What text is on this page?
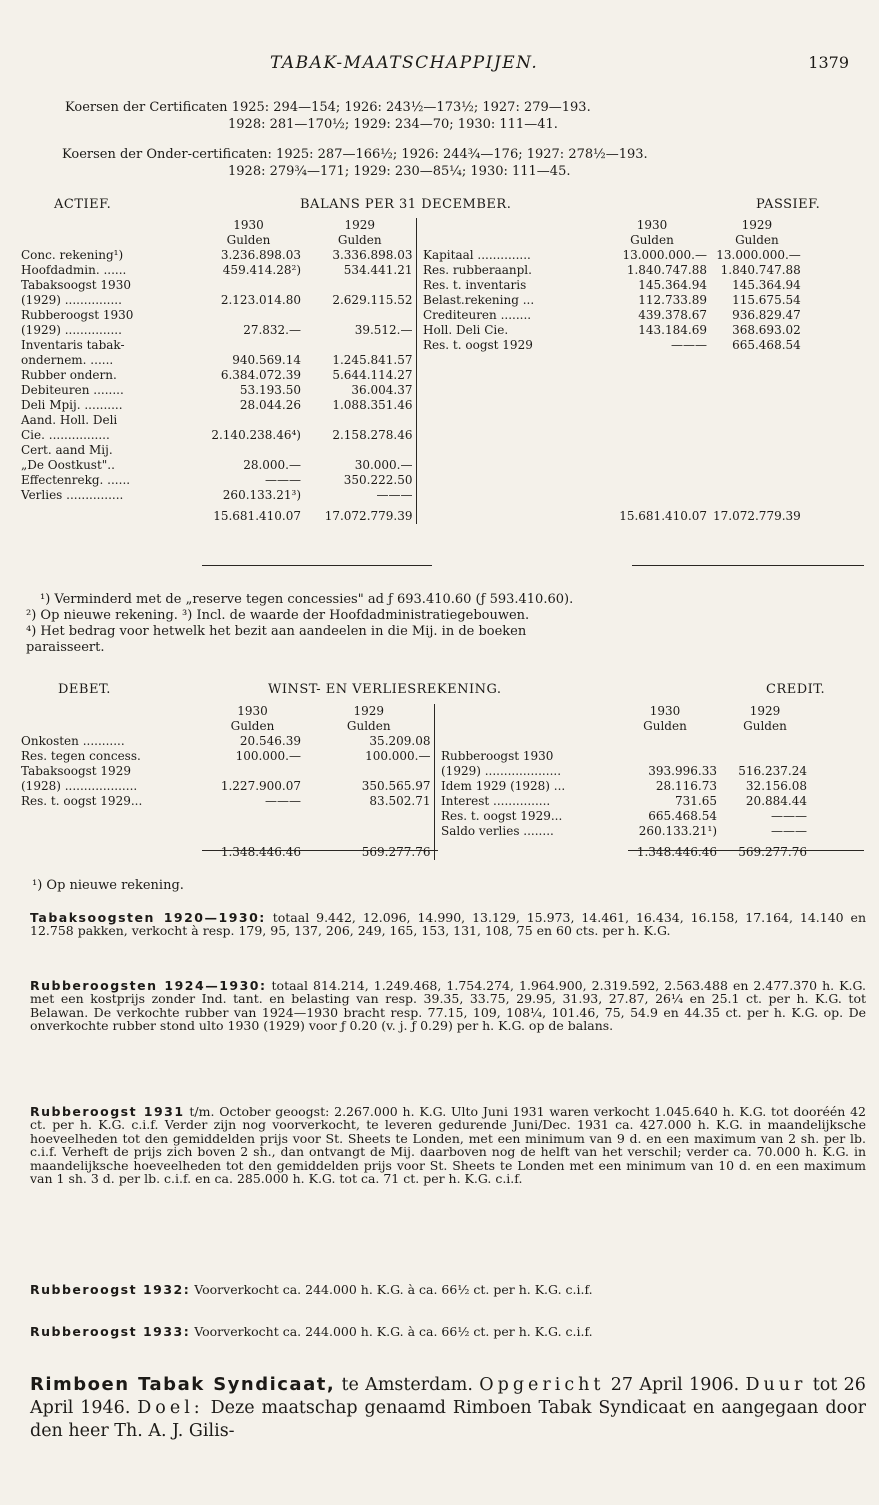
TABAK-MAATSCHAPPIJEN.	1379
Koersen der Certificaten 1925: 294—154; 1926: 243½—173½; 1927: 279—193.
1928: 281—170½; 1929: 234—70; 1930: 111—41.
Koersen der Onder-certificaten: 1925: 287—166½; 1926: 244¾—176; 1927: 278½—193.
1928: 279¾—171; 1929: 230—85¼; 1930: 111—45.
ACTIEF.	BALANS PER 31 DECEMBER.	PASSIEF.
	1930	1929			1930	1929
	Gulden	Gulden			Gulden	Gulden
Conc. rekening¹)	3.236.898.03	3.336.898.03		Kapitaal ..............	13.000.000.—	13.000.000.—
Hoofdadmin. ......	459.414.28²)	534.441.21		Res. rubberaanpl.	1.840.747.88	1.840.747.88
Tabaksoogst 1930				Res. t. inventaris	145.364.94	145.364.94
(1929) ...............	2.123.014.80	2.629.115.52		Belast.rekening ...	112.733.89	115.675.54
Rubberoogst 1930				Crediteuren ........	439.378.67	936.829.47
(1929) ...............	27.832.—	39.512.—		Holl. Deli Cie.	143.184.69	368.693.02
Inventaris tabak-				Res. t. oogst 1929	———	665.468.54
ondernem. ......	940.569.14	1.245.841.57				
Rubber ondern.	6.384.072.39	5.644.114.27				
Debiteuren ........	53.193.50	36.004.37				
Deli Mpij. ..........	28.044.26	1.088.351.46				
Aand. Holl. Deli						
Cie. ................	2.140.238.46⁴)	2.158.278.46				
Cert. aand Mij.						
„De Oostkust"..	28.000.—	30.000.—				
Effectenrekg. ......	———	350.222.50				
Verlies ...............	260.133.21³)	———				
	15.681.410.07	17.072.779.39			15.681.410.07	17.072.779.39
¹) Verminderd met de „reserve tegen concessies" ad ƒ 693.410.60 (ƒ 593.410.60).
²) Op nieuwe rekening. ³) Incl. de waarde der Hoofdadministratiegebouwen.
⁴) Het bedrag voor hetwelk het bezit aan aandeelen in die Mij. in de boeken
paraisseert.
DEBET.	WINST- EN VERLIESREKENING.	CREDIT.
	1930	1929			1930	1929
	Gulden	Gulden			Gulden	Gulden
Onkosten ...........	20.546.39	35.209.08				
Res. tegen concess.	100.000.—	100.000.—		Rubberoogst 1930		
Tabaksoogst 1929				(1929) ....................	393.996.33	516.237.24
(1928) ...................	1.227.900.07	350.565.97		Idem 1929 (1928) ...	28.116.73	32.156.08
Res. t. oogst 1929...	———	83.502.71		Interest ...............	731.65	20.884.44
				Res. t. oogst 1929...	665.468.54	———
				Saldo verlies ........	260.133.21¹)	———
	1.348.446.46	569.277.76			1.348.446.46	569.277.76
¹) Op nieuwe rekening.
Tabaksoogsten 1920—1930: totaal 9.442, 12.096, 14.990, 13.129, 15.973, 14.461, 16.434, 16.158, 17.164, 14.140 en 12.758 pakken, verkocht à resp. 179, 95, 137, 206, 249, 165, 153, 131, 108, 75 en 60 cts. per h. K.G.
Rubberoogsten 1924—1930: totaal 814.214, 1.249.468, 1.754.274, 1.964.900, 2.319.592, 2.563.488 en 2.477.370 h. K.G. met een kostprijs zonder Ind. tant. en belasting van resp. 39.35, 33.75, 29.95, 31.93, 27.87, 26¼ en 25.1 ct. per h. K.G. tot Belawan. De verkochte rubber van 1924—1930 bracht resp. 77.15, 109, 108¼, 101.46, 75, 54.9 en 44.35 ct. per h. K.G. op. De onverkochte rubber stond ulto 1930 (1929) voor ƒ 0.20 (v. j. ƒ 0.29) per h. K.G. op de balans.
Rubberoogst 1931 t/m. October geoogst: 2.267.000 h. K.G. Ulto Juni 1931 waren verkocht 1.045.640 h. K.G. tot dooréén 42 ct. per h. K.G. c.i.f. Verder zijn nog voorverkocht, te leveren gedurende Juni/Dec. 1931 ca. 427.000 h. K.G. in maandelijksche hoeveelheden tot den gemiddelden prijs voor St. Sheets te Londen, met een minimum van 9 d. en een maximum van 2 sh. per lb. c.i.f. Verheft de prijs zich boven 2 sh., dan ontvangt de Mij. daarboven nog de helft van het verschil; verder ca. 70.000 h. K.G. in maandelijksche hoeveelheden tot den gemiddelden prijs voor St. Sheets te Londen met een minimum van 10 d. en een maximum van 1 sh. 3 d. per lb. c.i.f. en ca. 285.000 h. K.G. tot ca. 71 ct. per h. K.G. c.i.f.
Rubberoogst 1932: Voorverkocht ca. 244.000 h. K.G. à ca. 66½ ct. per h. K.G. c.i.f.
Rubberoogst 1933: Voorverkocht ca. 244.000 h. K.G. à ca. 66½ ct. per h. K.G. c.i.f.
Rimboen Tabak Syndicaat, te Amsterdam. Opgericht 27 April 1906. Duur tot 26 April 1946. Doel: Deze maatschap genaamd Rimboen Tabak Syndicaat en aangegaan door den heer Th. A. J. Gilis-
